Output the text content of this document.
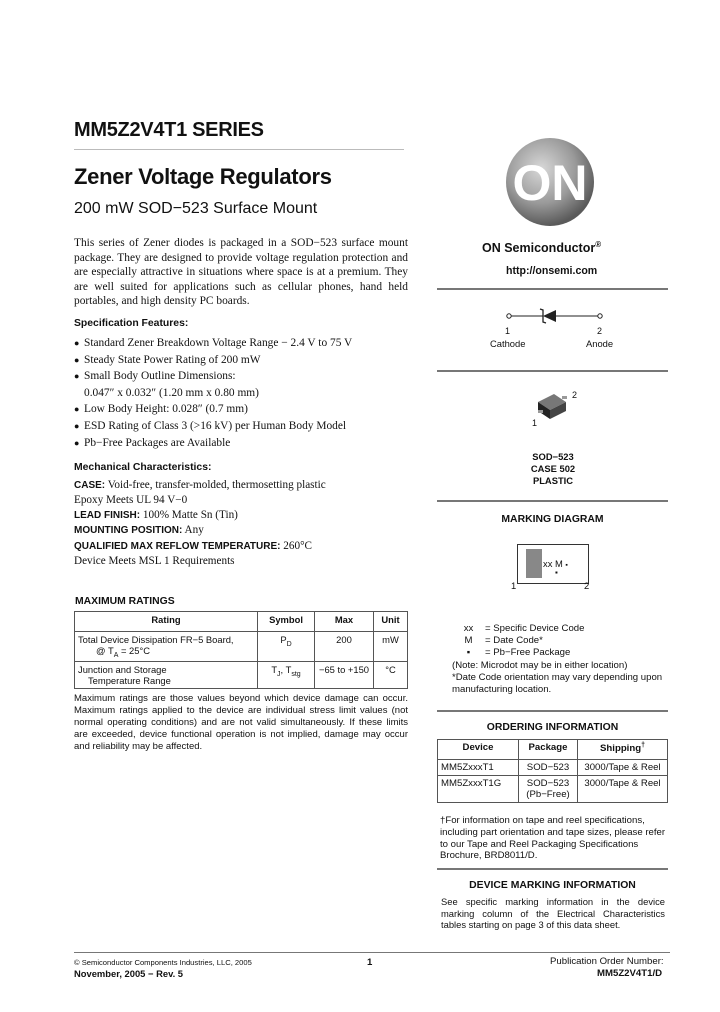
MM5Z2V4T1 SERIES
Zener Voltage Regulators
200 mW SOD−523 Surface Mount
This series of Zener diodes is packaged in a SOD−523 surface mount package. They are designed to provide voltage regulation protection and are especially attractive in situations where space is at a premium. They are well suited for applications such as cellular phones, hand held portables, and high density PC boards.
Specification Features:
● Standard Zener Breakdown Voltage Range − 2.4 V to 75 V
● Steady State Power Rating of 200 mW
● Small Body Outline Dimensions:
0.047″ x 0.032″ (1.20 mm x 0.80 mm)
● Low Body Height: 0.028″ (0.7 mm)
● ESD Rating of Class 3 (>16 kV) per Human Body Model
● Pb−Free Packages are Available
Mechanical Characteristics:
CASE: Void-free, transfer-molded, thermosetting plastic
Epoxy Meets UL 94 V−0
LEAD FINISH: 100% Matte Sn (Tin)
MOUNTING POSITION: Any
QUALIFIED MAX REFLOW TEMPERATURE: 260°C
Device Meets MSL 1 Requirements
MAXIMUM RATINGS
Rating	Symbol	Max	Unit

Total Device Dissipation FR−5 Board,
@ $T_A = 25^\circ C$	$P_D$	200	mW

Junction and Storage
Temperature Range	$T_J$, $T_{stg}$	−65 to +150	°C
Maximum ratings are those values beyond which device damage can occur. Maximum ratings applied to the device are individual stress limit values (not normal operating conditions) and are not valid simultaneously. If these limits are exceeded, device functional operation is not implied, damage may occur and reliability may be affected.
ON
ON Semiconductor®
http://onsemi.com
1	2
Cathode	Anode
2
1
SOD−523
CASE 502
PLASTIC
MARKING DIAGRAM
xx M ▪
▪
1	2
xx	= Specific Device Code
M	= Date Code*
▪	= Pb−Free Package
(Note: Microdot may be in either location)
*Date Code orientation may vary depending upon manufacturing location.
ORDERING INFORMATION
Device	Package	Shipping†
MM5ZxxxT1	SOD−523	3000/Tape & Reel
MM5ZxxxT1G	SOD−523
(Pb−Free)	3000/Tape & Reel
†For information on tape and reel specifications, including part orientation and tape sizes, please refer to our Tape and Reel Packaging Specifications Brochure, BRD8011/D.
DEVICE MARKING INFORMATION
See specific marking information in the device marking column of the Electrical Characteristics tables starting on page 3 of this data sheet.
© Semiconductor Components Industries, LLC, 2005
November, 2005 − Rev. 5
1	Publication Order Number:
MM5Z2V4T1/D
